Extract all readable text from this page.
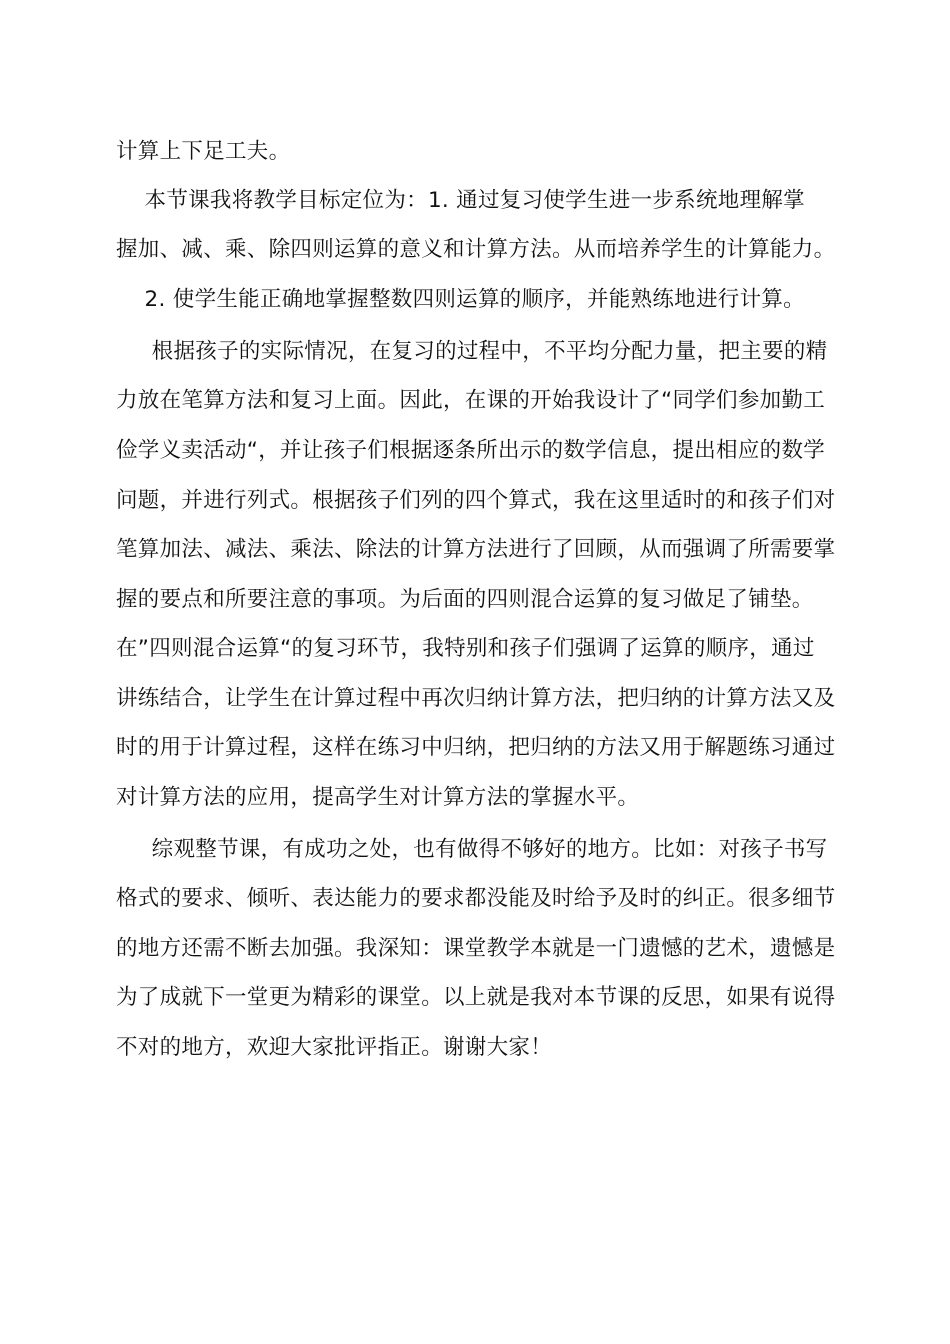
计算上下足工夫。
本节课我将教学目标定位为：1. 通过复习使学生进一步系统地理解掌
握加、减、乘、除四则运算的意义和计算方法。从而培养学生的计算能力。
2. 使学生能正确地掌握整数四则运算的顺序，并能熟练地进行计算。
根据孩子的实际情况，在复习的过程中，不平均分配力量，把主要的精
力放在笔算方法和复习上面。因此，在课的开始我设计了“同学们参加勤工
俭学义卖活动“，并让孩子们根据逐条所出示的数学信息，提出相应的数学
问题，并进行列式。根据孩子们列的四个算式，我在这里适时的和孩子们对
笔算加法、减法、乘法、除法的计算方法进行了回顾，从而强调了所需要掌
握的要点和所要注意的事项。为后面的四则混合运算的复习做足了铺垫。
在”四则混合运算“的复习环节，我特别和孩子们强调了运算的顺序，通过
讲练结合，让学生在计算过程中再次归纳计算方法，把归纳的计算方法又及
时的用于计算过程，这样在练习中归纳，把归纳的方法又用于解题练习通过
对计算方法的应用，提高学生对计算方法的掌握水平。
综观整节课，有成功之处，也有做得不够好的地方。比如：对孩子书写
格式的要求、倾听、表达能力的要求都没能及时给予及时的纠正。很多细节
的地方还需不断去加强。我深知：课堂教学本就是一门遗憾的艺术，遗憾是
为了成就下一堂更为精彩的课堂。以上就是我对本节课的反思，如果有说得
不对的地方，欢迎大家批评指正。谢谢大家！
